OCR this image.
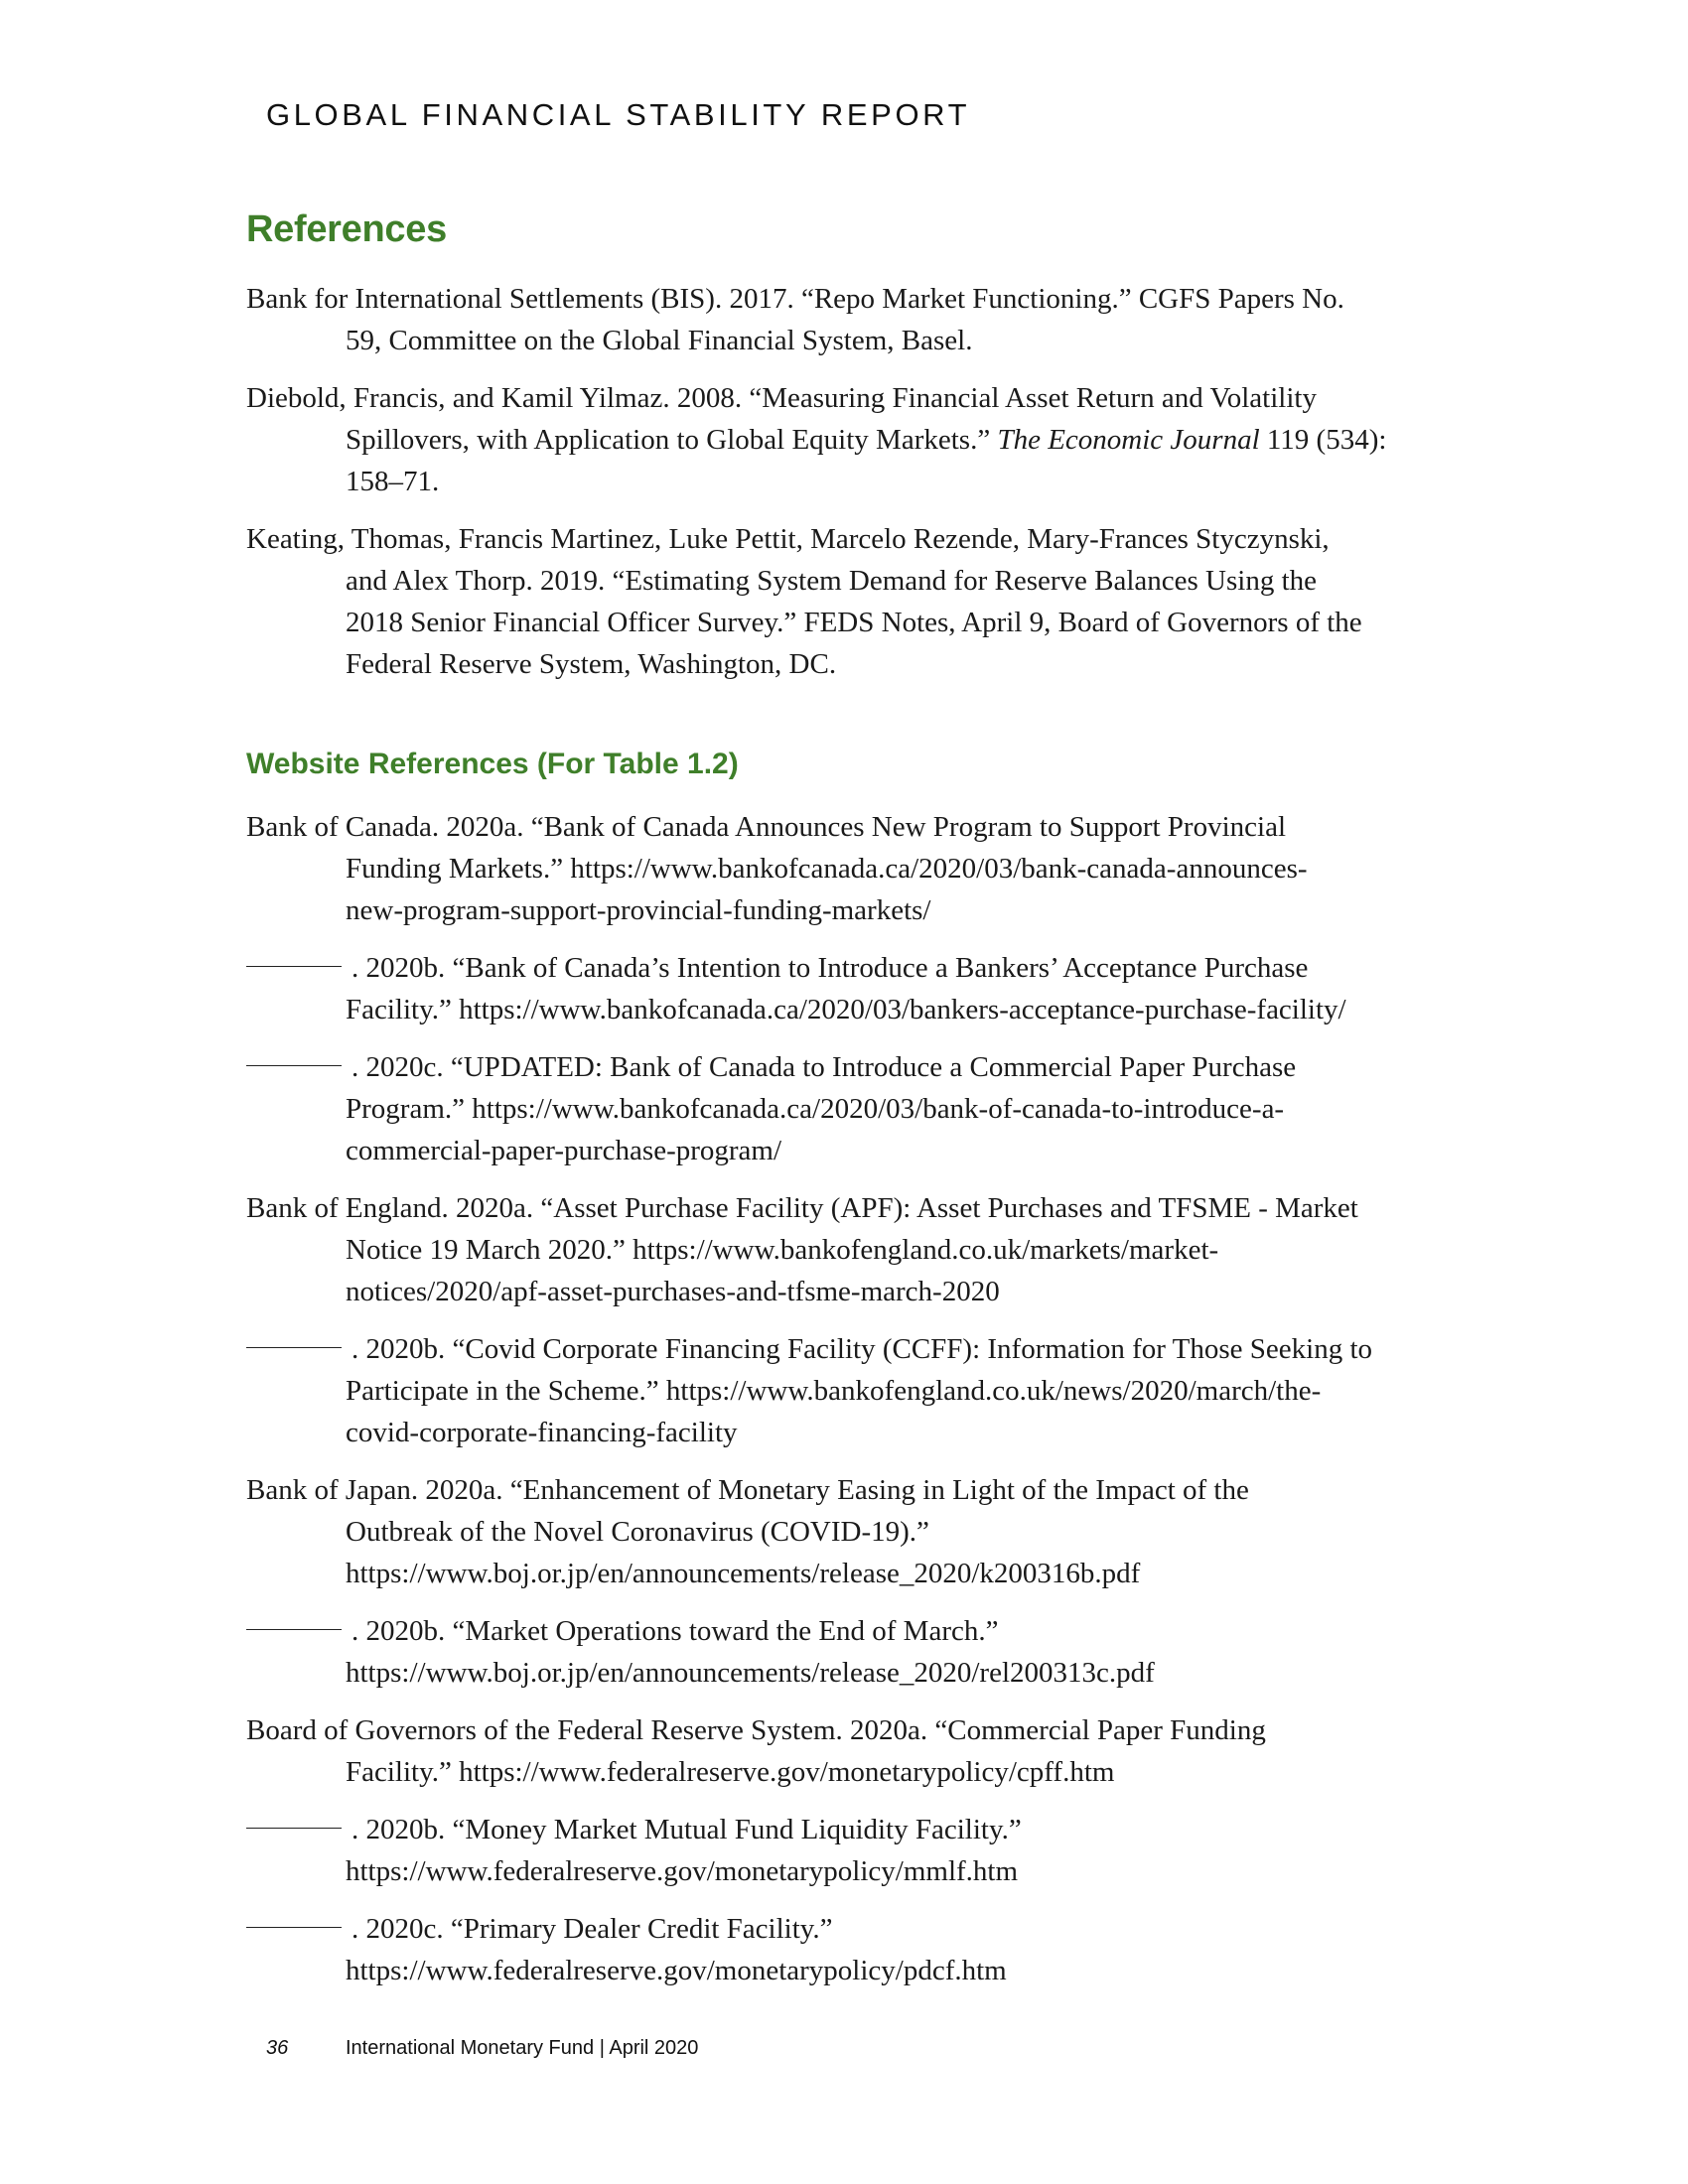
GLOBAL FINANCIAL STABILITY REPORT
References

Bank for International Settlements (BIS). 2017. “Repo Market Functioning.” CGFS Papers No.
59, Committee on the Global Financial System, Basel.

Diebold, Francis, and Kamil Yilmaz. 2008. “Measuring Financial Asset Return and Volatility
Spillovers, with Application to Global Equity Markets.” The Economic Journal 119 (534):
158–71.

Keating, Thomas, Francis Martinez, Luke Pettit, Marcelo Rezende, Mary-Frances Styczynski,
and Alex Thorp. 2019. “Estimating System Demand for Reserve Balances Using the
2018 Senior Financial Officer Survey.” FEDS Notes, April 9, Board of Governors of the
Federal Reserve System, Washington, DC.

Website References (For Table 1.2)

Bank of Canada. 2020a. “Bank of Canada Announces New Program to Support Provincial
Funding Markets.” https://www.bankofcanada.ca/2020/03/bank-canada-announces-
new-program-support-provincial-funding-markets/

. 2020b. “Bank of Canada’s Intention to Introduce a Bankers’ Acceptance Purchase
Facility.” https://www.bankofcanada.ca/2020/03/bankers-acceptance-purchase-facility/

. 2020c. “UPDATED: Bank of Canada to Introduce a Commercial Paper Purchase
Program.” https://www.bankofcanada.ca/2020/03/bank-of-canada-to-introduce-a-
commercial-paper-purchase-program/

Bank of England. 2020a. “Asset Purchase Facility (APF): Asset Purchases and TFSME - Market
Notice 19 March 2020.” https://www.bankofengland.co.uk/markets/market-
notices/2020/apf-asset-purchases-and-tfsme-march-2020

. 2020b. “Covid Corporate Financing Facility (CCFF): Information for Those Seeking to
Participate in the Scheme.” https://www.bankofengland.co.uk/news/2020/march/the-
covid-corporate-financing-facility

Bank of Japan. 2020a. “Enhancement of Monetary Easing in Light of the Impact of the
Outbreak of the Novel Coronavirus (COVID-19).”
https://www.boj.or.jp/en/announcements/release_2020/k200316b.pdf

. 2020b. “Market Operations toward the End of March.”
https://www.boj.or.jp/en/announcements/release_2020/rel200313c.pdf

Board of Governors of the Federal Reserve System. 2020a. “Commercial Paper Funding
Facility.” https://www.federalreserve.gov/monetarypolicy/cpff.htm

. 2020b. “Money Market Mutual Fund Liquidity Facility.”
https://www.federalreserve.gov/monetarypolicy/mmlf.htm

. 2020c. “Primary Dealer Credit Facility.”
https://www.federalreserve.gov/monetarypolicy/pdcf.htm

36	International Monetary Fund | April 2020
